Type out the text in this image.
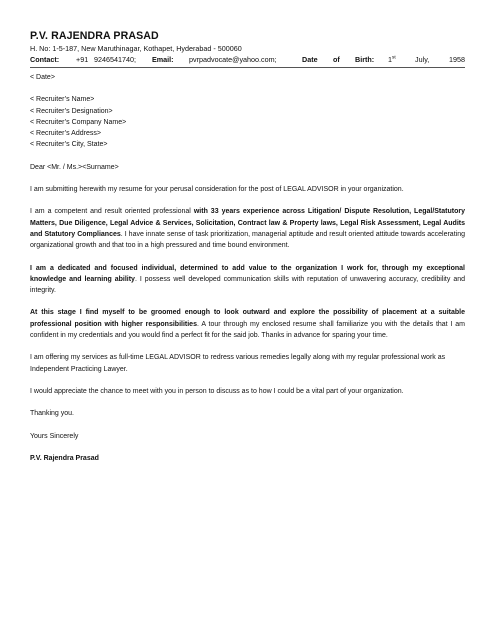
P.V. RAJENDRA PRASAD
H. No: 1-5-187, New Maruthinagar, Kothapet, Hyderabad - 500060
Contact:	+91 9246541740;	Email:	pvrpadvocate@yahoo.com;	Date	of	Birth:	1st	July,	1958

< Date>

< Recruiter’s Name>

< Recruiter’s Designation>

< Recruiter’s Company Name>

< Recruiter’s Address>

< Recruiter’s City, State>

Dear <Mr. / Ms.><Surname>

I am submitting herewith my resume for your perusal consideration for the post of LEGAL ADVISOR in your organization.

I am a competent and result oriented professional with 33 years experience across Litigation/ Dispute Resolution, Legal/Statutory Matters, Due Diligence, Legal Advice & Services, Solicitation, Contract law & Property laws, Legal Risk Assessment, Legal Audits and Statutory Compliances. I have innate sense of task prioritization, managerial aptitude and result oriented attitude towards accelerating organizational growth and that too in a high pressured and time bound environment.

I am a dedicated and focused individual, determined to add value to the organization I work for, through my exceptional knowledge and learning ability. I possess well developed communication skills with reputation of unwavering accuracy, credibility and integrity.

At this stage I find myself to be groomed enough to look outward and explore the possibility of placement at a suitable professional position with higher responsibilities. A tour through my enclosed resume shall familiarize you with the details that I am confident in my credentials and you would find a perfect fit for the said job. Thanks in advance for sparing your time.

I am offering my services as full-time LEGAL ADVISOR to redress various remedies legally along with my regular professional work as Independent Practicing Lawyer.

I would appreciate the chance to meet with you in person to discuss as to how I could be a vital part of your organization.

Thanking you.

Yours Sincerely

P.V. Rajendra Prasad
